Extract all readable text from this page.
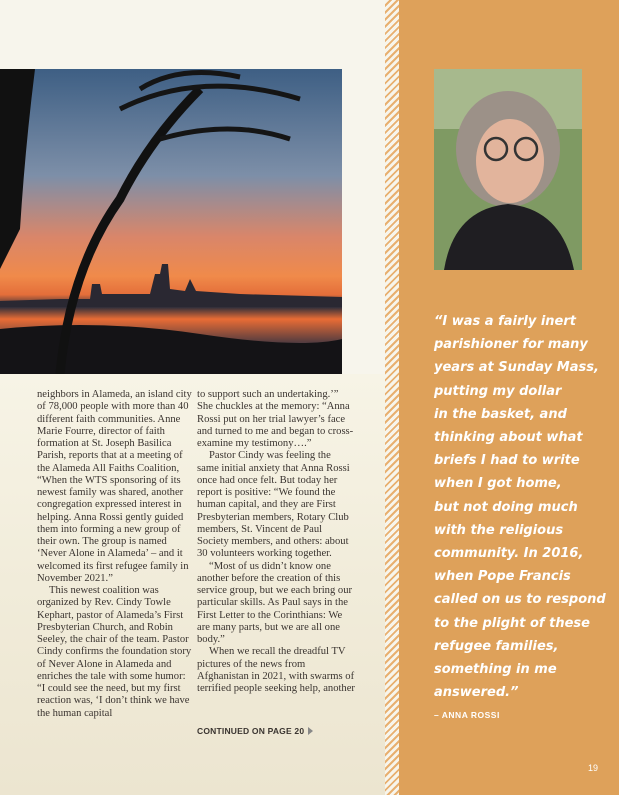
neighbors in Alameda, an island city of 78,000 people with more than 40 different faith communities. Anne Marie Fourre, director of faith formation at St. Joseph Basilica Parish, reports that at a meeting of the Alameda All Faiths Coalition, “When the WTS sponsoring of its newest family was shared, another congregation expressed interest in helping. Anna Rossi gently guided them into forming a new group of their own. The group is named ‘Never Alone in Alameda’ – and it welcomed its first refugee family in November 2021.”

This newest coalition was organized by Rev. Cindy Towle Kephart, pastor of Alameda’s First Presbyterian Church, and Robin Seeley, the chair of the team. Pastor Cindy confirms the foundation story of Never Alone in Alameda and enriches the tale with some humor: “I could see the need, but my first reaction was, ‘I don’t think we have the human capital

to support such an undertaking.’” She chuckles at the memory: “Anna Rossi put on her trial lawyer’s face and turned to me and began to cross-examine my testimony….”

Pastor Cindy was feeling the same initial anxiety that Anna Rossi once had once felt. But today her report is positive: “We found the human capital, and they are First Presbyterian members, Rotary Club members, St. Vincent de Paul Society members, and others: about 30 volunteers working together.

“Most of us didn’t know one another before the creation of this service group, but we each bring our particular skills. As Paul says in the First Letter to the Corinthians: We are many parts, but we are all one body.”

When we recall the dreadful TV pictures of the news from Afghanistan in 2021, with swarms of terrified people seeking help, another

CONTINUED ON PAGE 20
“I was a fairly inert
parishioner for many
years at Sunday Mass,
putting my dollar
in the basket, and
thinking about what
briefs I had to write
when I got home,
but not doing much
with the religious
community. In 2016,
when Pope Francis
called on us to respond
to the plight of these
refugee families,
something in me
answered.”
– ANNA ROSSI
19
